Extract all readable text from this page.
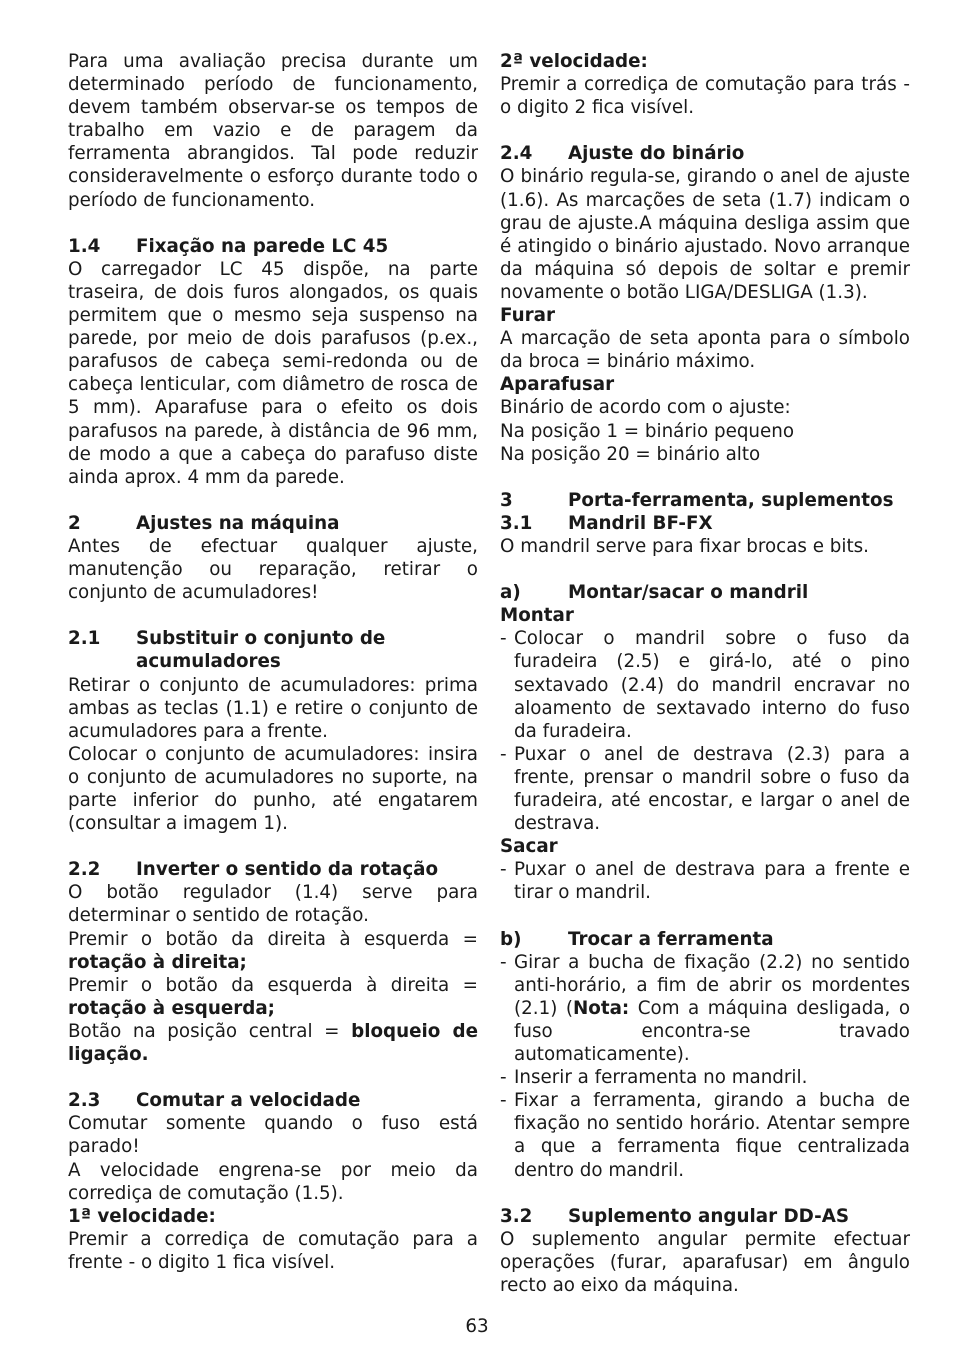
Para uma avaliação precisa durante um determinado período de funcionamento, devem também observar-se os tempos de trabalho em vazio e de paragem da ferramenta abrangidos. Tal pode reduzir consideravelmente o esforço durante todo o período de funcionamento.

1.4	Fixação na parede LC 45

O carregador LC 45 dispõe, na parte traseira, de dois furos alongados, os quais permitem que o mesmo seja suspenso na parede, por meio de dois parafusos (p.ex., parafusos de cabeça semi-redonda ou de cabeça lenticular, com diâmetro de rosca de 5 mm). Aparafuse para o efeito os dois parafusos na parede, à distância de 96 mm, de modo a que a cabeça do parafuso diste ainda aprox. 4 mm da parede.

2	Ajustes na máquina

Antes de efectuar qualquer ajuste, manutenção ou reparação, retirar o conjunto de acumuladores!

2.1	Substituir o conjunto de acumuladores

Retirar o conjunto de acumuladores: prima ambas as teclas (1.1) e retire o conjunto de acumuladores para a frente.

Colocar o conjunto de acumuladores: insira o conjunto de acumuladores no suporte, na parte inferior do punho, até engatarem (consultar a imagem 1).

2.2	Inverter o sentido da rotação

O botão regulador (1.4) serve para determinar o sentido de rotação.

Premir o botão da direita à esquerda = rotação à direita;

Premir o botão da esquerda à direita = rotação à esquerda;

Botão na posição central = bloqueio de ligação.

2.3	Comutar a velocidade

Comutar somente quando o fuso está parado!

A velocidade engrena-se por meio da corrediça de comutação (1.5).

1ª velocidade:

Premir a corrediça de comutação para a frente - o digito 1 fica visível.

2ª velocidade:

Premir a corrediça de comutação para trás - o digito 2 fica visível.

2.4	Ajuste do binário

O binário regula-se, girando o anel de ajuste (1.6). As marcações de seta (1.7) indicam o grau de ajuste.A máquina desliga assim que é atingido o binário ajustado. Novo arranque da máquina só depois de soltar e premir novamente o botão LIGA/DESLIGA (1.3).

Furar

A marcação de seta aponta para o símbolo da broca = binário máximo.

Aparafusar

Binário de acordo com o ajuste:

Na posição 1 = binário pequeno

Na posição 20 = binário alto

3	Porta-ferramenta, suplementos
3.1	Mandril BF-FX

O mandril serve para fixar brocas e bits.

a)	Montar/sacar o mandril

Montar

- Colocar o mandril sobre o fuso da furadeira (2.5) e girá-lo, até o pino sextavado (2.4) do mandril encravar no aloamento de sextavado interno do fuso da furadeira.
- Puxar o anel de destrava (2.3) para a frente, prensar o mandril sobre o fuso da furadeira, até encostar, e largar o anel de destrava.

Sacar

- Puxar o anel de destrava para a frente e tirar o mandril.
b)	Trocar a ferramenta
- Girar a bucha de fixação (2.2) no sentido anti-horário, a fim de abrir os mordentes (2.1) (Nota: Com a máquina desligada, o fuso encontra-se travado automaticamente).
- Inserir a ferramenta no mandril.
- Fixar a ferramenta, girando a bucha de fixação no sentido horário. Atentar sempre a que a ferramenta fique centralizada dentro do mandril.
3.2	Suplemento angular DD-AS

O suplemento angular permite efectuar operações (furar, aparafusar) em ângulo recto ao eixo da máquina.

63
